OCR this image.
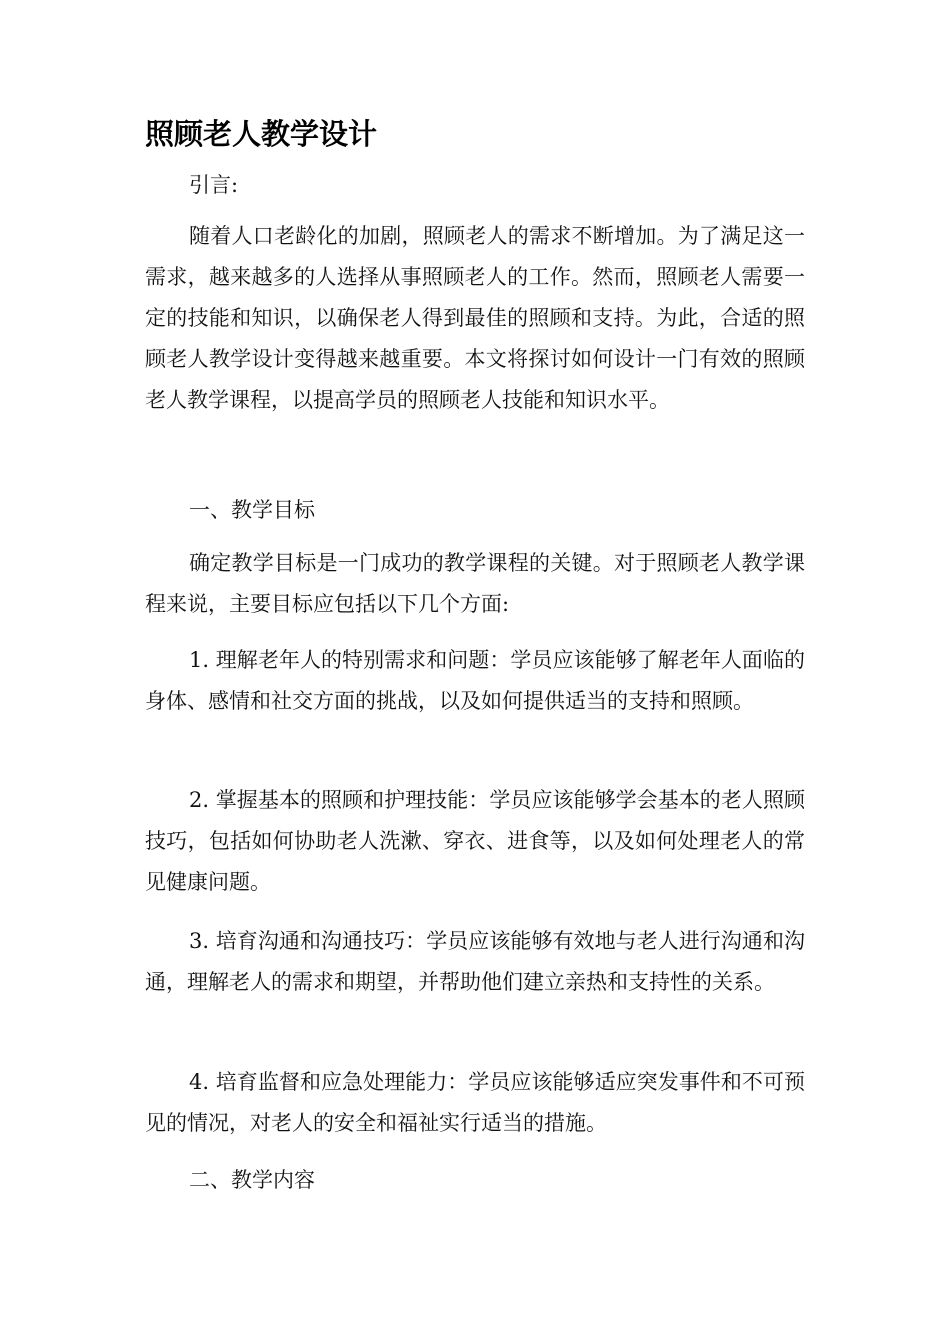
照顾老人教学设计

引言:

随着人口老龄化的加剧，照顾老人的需求不断增加。为了满足这一需求，越来越多的人选择从事照顾老人的工作。然而，照顾老人需要一定的技能和知识，以确保老人得到最佳的照顾和支持。为此，合适的照顾老人教学设计变得越来越重要。本文将探讨如何设计一门有效的照顾老人教学课程，以提高学员的照顾老人技能和知识水平。

一、教学目标

确定教学目标是一门成功的教学课程的关键。对于照顾老人教学课程来说，主要目标应包括以下几个方面:

1. 理解老年人的特别需求和问题：学员应该能够了解老年人面临的身体、感情和社交方面的挑战，以及如何提供适当的支持和照顾。

2. 掌握基本的照顾和护理技能：学员应该能够学会基本的老人照顾技巧，包括如何协助老人洗漱、穿衣、进食等，以及如何处理老人的常见健康问题。

3. 培育沟通和沟通技巧：学员应该能够有效地与老人进行沟通和沟通，理解老人的需求和期望，并帮助他们建立亲热和支持性的关系。

4. 培育监督和应急处理能力：学员应该能够适应突发事件和不可预见的情况，对老人的安全和福祉实行适当的措施。

二、教学内容
